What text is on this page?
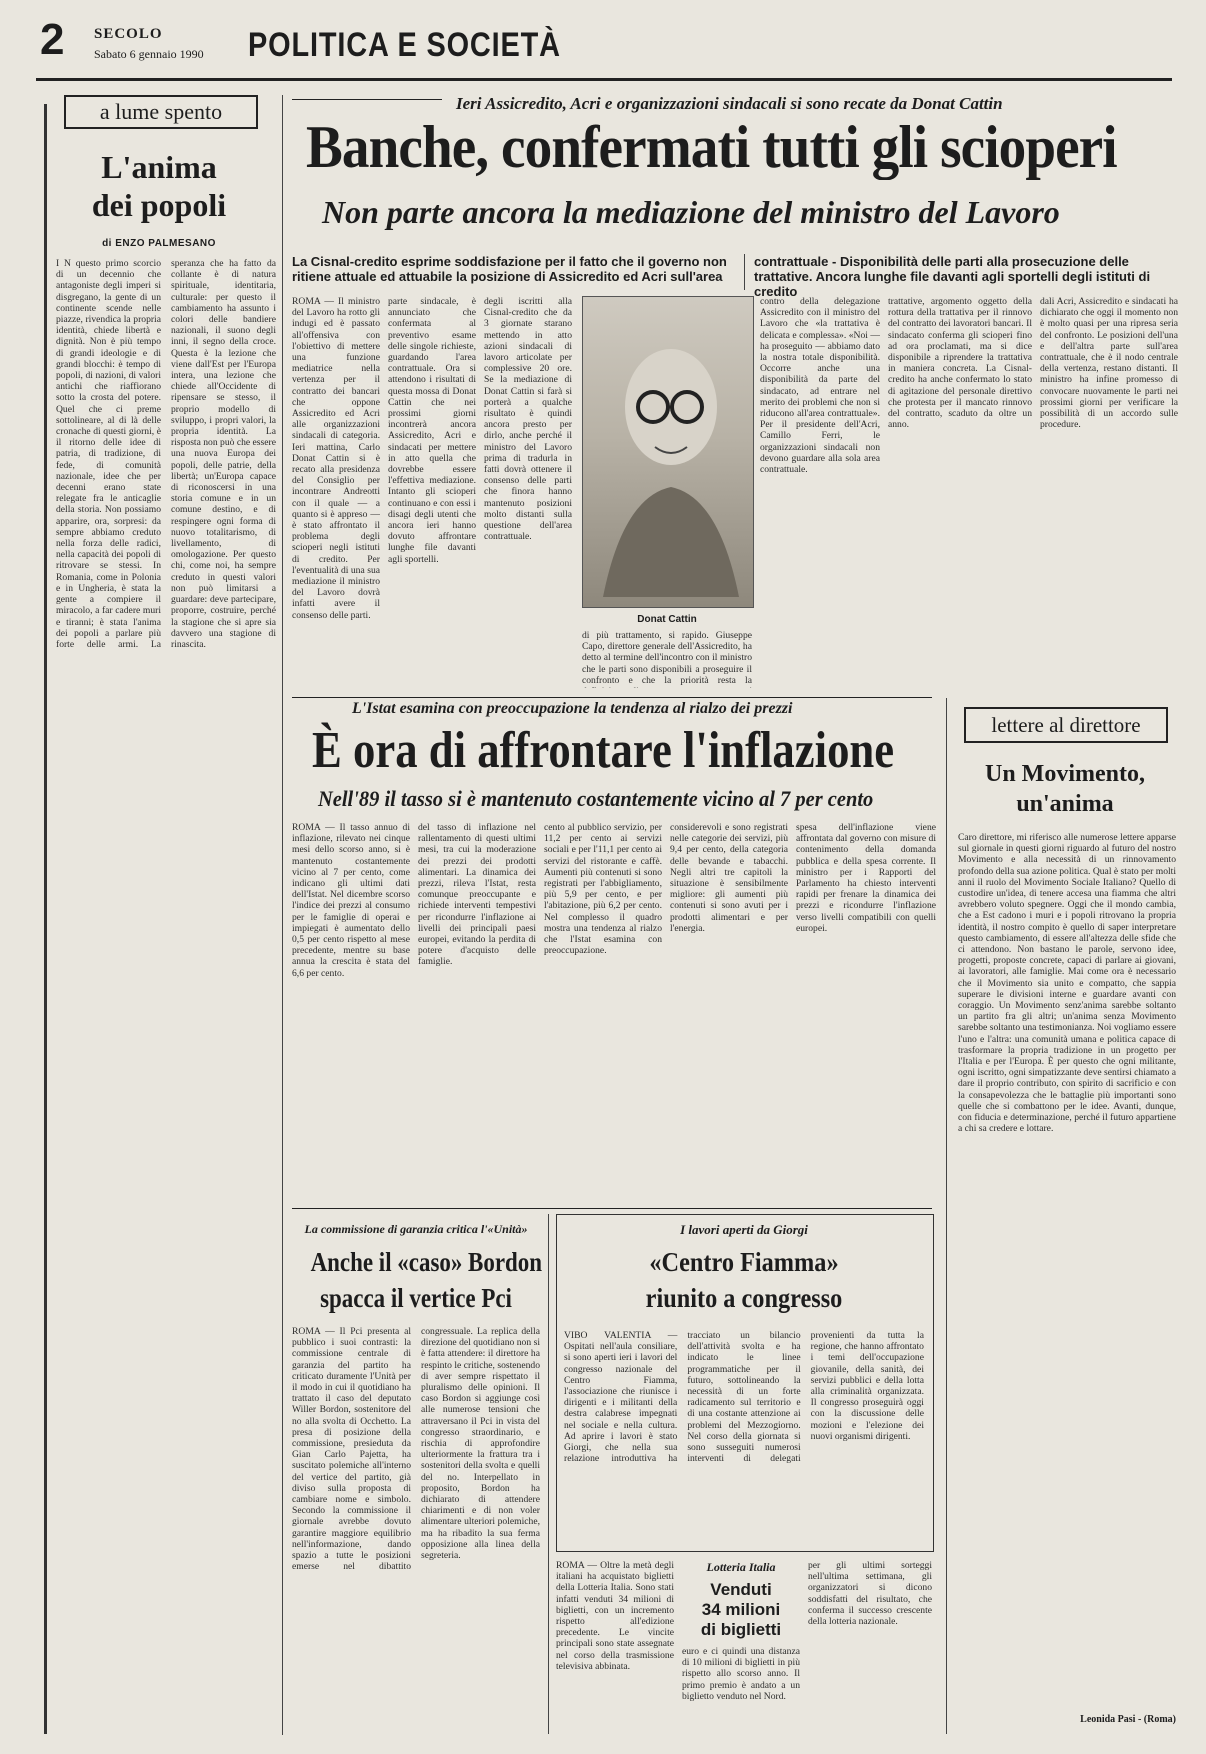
2 SECOLO
Sabato 6 gennaio 1990 POLITICA E SOCIETÀ
a lume spento
L'anima
dei popoli
di ENZO PALMESANO
I N questo primo scorcio di un decennio che antagoniste degli imperi si disgregano, la gente di un continente scende nelle piazze, rivendica la propria identità, chiede libertà e dignità. Non è più tempo di grandi ideologie e di grandi blocchi: è tempo di popoli, di nazioni, di valori antichi che riaffiorano sotto la crosta del potere. Quel che ci preme sottolineare, al di là delle cronache di questi giorni, è il ritorno delle idee di patria, di tradizione, di fede, di comunità nazionale, idee che per decenni erano state relegate fra le anticaglie della storia. Non possiamo apparire, ora, sorpresi: da sempre abbiamo creduto nella forza delle radici, nella capacità dei popoli di ritrovare se stessi. In Romania, come in Polonia e in Ungheria, è stata la gente a compiere il miracolo, a far cadere muri e tiranni; è stata l'anima dei popoli a parlare più forte delle armi. La speranza che ha fatto da collante è di natura spirituale, identitaria, culturale: per questo il cambiamento ha assunto i colori delle bandiere nazionali, il suono degli inni, il segno della croce. Questa è la lezione che viene dall'Est per l'Europa intera, una lezione che chiede all'Occidente di ripensare se stesso, il proprio modello di sviluppo, i propri valori, la propria identità. La risposta non può che essere una nuova Europa dei popoli, delle patrie, della libertà; un'Europa capace di riconoscersi in una storia comune e in un comune destino, e di respingere ogni forma di nuovo totalitarismo, di livellamento, di omologazione. Per questo chi, come noi, ha sempre creduto in questi valori non può limitarsi a guardare: deve partecipare, proporre, costruire, perché la stagione che si apre sia davvero una stagione di rinascita.
Ieri Assicredito, Acri e organizzazioni sindacali si sono recate da Donat Cattin
Banche, confermati tutti gli scioperi
Non parte ancora la mediazione del ministro del Lavoro
La Cisnal-credito esprime soddisfazione per il fatto che il governo non ritiene attuale ed attuabile la posizione di Assicredito ed Acri sull'area
contrattuale - Disponibilità delle parti alla prosecuzione delle trattative. Ancora lunghe file davanti agli sportelli degli istituti di credito
ROMA — Il ministro del Lavoro ha rotto gli indugi ed è passato all'offensiva con l'obiettivo di mettere una funzione mediatrice nella vertenza per il contratto dei bancari che oppone Assicredito ed Acri alle organizzazioni sindacali di categoria. Ieri mattina, Carlo Donat Cattin si è recato alla presidenza del Consiglio per incontrare Andreotti con il quale — a quanto si è appreso — è stato affrontato il problema degli scioperi negli istituti di credito. Per l'eventualità di una sua mediazione il ministro del Lavoro dovrà infatti avere il consenso delle parti.
parte sindacale, è annunciato che confermata al preventivo esame delle singole richieste, guardando l'area contrattuale. Ora si attendono i risultati di questa mossa di Donat Cattin che nei prossimi giorni incontrerà ancora Assicredito, Acri e sindacati per mettere in atto quella che dovrebbe essere l'effettiva mediazione. Intanto gli scioperi continuano e con essi i disagi degli utenti che ancora ieri hanno dovuto affrontare lunghe file davanti agli sportelli.
degli iscritti alla Cisnal-credito che da 3 giornate starano mettendo in atto azioni sindacali di lavoro articolate per complessive 20 ore. Se la mediazione di Donat Cattin si farà si porterà a qualche risultato è quindi ancora presto per dirlo, anche perché il ministro del Lavoro prima di tradurla in fatti dovrà ottenere il consenso delle parti che finora hanno mantenuto posizioni molto distanti sulla questione dell'area contrattuale.
Donat Cattin
di più trattamento, si rapido. Giuseppe Capo, direttore generale dell'Assicredito, ha detto al termine dell'incontro con il ministro che le parti sono disponibili a proseguire il confronto e che la priorità resta la
contro della delegazione Assicredito con il ministro del Lavoro che «la trattativa è delicata e complessa». «Noi — ha proseguito — abbiamo dato la nostra totale disponibilità. Occorre anche una disponibilità da parte del sindacato, ad entrare nel merito dei problemi che non si riducono all'area contrattuale». Per il presidente dell'Acri, Camillo Ferri, le organizzazioni sindacali non devono guardare alla sola area contrattuale.
trattative, argomento oggetto della rottura della trattativa per il rinnovo del contratto dei lavoratori bancari. Il sindacato conferma gli scioperi fino ad ora proclamati, ma si dice disponibile a riprendere la trattativa in maniera concreta. La Cisnal-credito ha anche confermato lo stato di agitazione del personale direttivo che protesta per il mancato rinnovo del contratto, scaduto da oltre un anno.
dali Acri, Assicredito e sindacati ha dichiarato che oggi il momento non è molto quasi per una ripresa seria del confronto. Le posizioni dell'una e dell'altra parte sull'area contrattuale, che è il nodo centrale della vertenza, restano distanti. Il ministro ha infine promesso di convocare nuovamente le parti nei prossimi giorni per verificare la possibilità di un accordo sulle procedure.
L'Istat esamina con preoccupazione la tendenza al rialzo dei prezzi
È ora di affrontare l'inflazione
Nell'89 il tasso si è mantenuto costantemente vicino al 7 per cento
ROMA — Il tasso annuo di inflazione, rilevato nei cinque mesi dello scorso anno, si è mantenuto costantemente vicino al 7 per cento, come indicano gli ultimi dati dell'Istat. Nel dicembre scorso l'indice dei prezzi al consumo per le famiglie di operai e impiegati è aumentato dello 0,5 per cento rispetto al mese precedente, mentre su base annua la crescita è stata del 6,6 per cento.
del tasso di inflazione nel rallentamento di questi ultimi mesi, tra cui la moderazione dei prezzi dei prodotti alimentari. La dinamica dei prezzi, rileva l'Istat, resta comunque preoccupante e richiede interventi tempestivi per ricondurre l'inflazione ai livelli dei principali paesi europei, evitando la perdita di potere d'acquisto delle famiglie.
cento al pubblico servizio, per 11,2 per cento ai servizi sociali e per l'11,1 per cento ai servizi del ristorante e caffè. Aumenti più contenuti si sono registrati per l'abbigliamento, più 5,9 per cento, e per l'abitazione, più 6,2 per cento. Nel complesso il quadro mostra una tendenza al rialzo che l'Istat esamina con preoccupazione.
considerevoli e sono registrati nelle categorie dei servizi, più 9,4 per cento, della categoria delle bevande e tabacchi. Negli altri tre capitoli la situazione è sensibilmente migliore: gli aumenti più contenuti si sono avuti per i prodotti alimentari e per l'energia.
spesa dell'inflazione viene affrontata dal governo con misure di contenimento della domanda pubblica e della spesa corrente. Il ministro per i Rapporti del Parlamento ha chiesto interventi rapidi per frenare la dinamica dei prezzi e ricondurre l'inflazione verso livelli compatibili con quelli europei.
lettere al direttore
Un Movimento,
un'anima
Caro direttore, mi riferisco alle numerose lettere apparse sul giornale in questi giorni riguardo al futuro del nostro Movimento e alla necessità di un rinnovamento profondo della sua azione politica. Qual è stato per molti anni il ruolo del Movimento Sociale Italiano? Quello di custodire un'idea, di tenere accesa una fiamma che altri avrebbero voluto spegnere. Oggi che il mondo cambia, che a Est cadono i muri e i popoli ritrovano la propria identità, il nostro compito è quello di saper interpretare questo cambiamento, di essere all'altezza delle sfide che ci attendono. Non bastano le parole, servono idee, progetti, proposte concrete, capaci di parlare ai giovani, ai lavoratori, alle famiglie. Mai come ora è necessario che il Movimento sia unito e compatto, che sappia superare le divisioni interne e guardare avanti con coraggio. Un Movimento senz'anima sarebbe soltanto un partito fra gli altri; un'anima senza Movimento sarebbe soltanto una testimonianza. Noi vogliamo essere l'uno e l'altra: una comunità umana e politica capace di trasformare la propria tradizione in un progetto per l'Italia e per l'Europa. È per questo che ogni militante, ogni iscritto, ogni simpatizzante deve sentirsi chiamato a dare il proprio contributo, con spirito di sacrificio e con la consapevolezza che le battaglie più importanti sono quelle che si combattono per le idee. Avanti, dunque, con fiducia e determinazione, perché il futuro appartiene a chi sa credere e lottare.
Leonida Pasi - (Roma)
La commissione di garanzia critica l'«Unità»
Anche il «caso» Bordon
spacca il vertice Pci
ROMA — Il Pci presenta al pubblico i suoi contrasti: la commissione centrale di garanzia del partito ha criticato duramente l'Unità per il modo in cui il quotidiano ha trattato il caso del deputato Willer Bordon, sostenitore del no alla svolta di Occhetto. La presa di posizione della commissione, presieduta da Gian Carlo Pajetta, ha suscitato polemiche all'interno del vertice del partito, già diviso sulla proposta di cambiare nome e simbolo. Secondo la commissione il giornale avrebbe dovuto garantire maggiore equilibrio nell'informazione, dando spazio a tutte le posizioni emerse nel dibattito congressuale. La replica della direzione del quotidiano non si è fatta attendere: il direttore ha respinto le critiche, sostenendo di aver sempre rispettato il pluralismo delle opinioni. Il caso Bordon si aggiunge così alle numerose tensioni che attraversano il Pci in vista del congresso straordinario, e rischia di approfondire ulteriormente la frattura tra i sostenitori della svolta e quelli del no. Interpellato in proposito, Bordon ha dichiarato di attendere chiarimenti e di non voler alimentare ulteriori polemiche, ma ha ribadito la sua ferma opposizione alla linea della segreteria.
I lavori aperti da Giorgi
«Centro Fiamma»
riunito a congresso
VIBO VALENTIA — Ospitati nell'aula consiliare, si sono aperti ieri i lavori del congresso nazionale del Centro Fiamma, l'associazione che riunisce i dirigenti e i militanti della destra calabrese impegnati nel sociale e nella cultura. Ad aprire i lavori è stato Giorgi, che nella sua relazione introduttiva ha tracciato un bilancio dell'attività svolta e ha indicato le linee programmatiche per il futuro, sottolineando la necessità di un forte radicamento sul territorio e di una costante attenzione ai problemi del Mezzogiorno. Nel corso della giornata si sono susseguiti numerosi interventi di delegati provenienti da tutta la regione, che hanno affrontato i temi dell'occupazione giovanile, della sanità, dei servizi pubblici e della lotta alla criminalità organizzata. Il congresso proseguirà oggi con la discussione delle mozioni e l'elezione dei nuovi organismi dirigenti.
ROMA — Oltre la metà degli italiani ha acquistato biglietti della Lotteria Italia. Sono stati infatti venduti 34 milioni di biglietti, con un incremento rispetto all'edizione precedente. Le vincite principali sono state assegnate nel corso della trasmissione televisiva abbinata.
Lotteria Italia
Venduti
34 milioni
di biglietti
euro e ci quindi una distanza di 10 milioni di biglietti in più rispetto allo scorso anno. Il primo premio è andato a un biglietto venduto nel Nord.
per gli ultimi sorteggi nell'ultima settimana, gli organizzatori si dicono soddisfatti del risultato, che conferma il successo crescente della lotteria nazionale.
